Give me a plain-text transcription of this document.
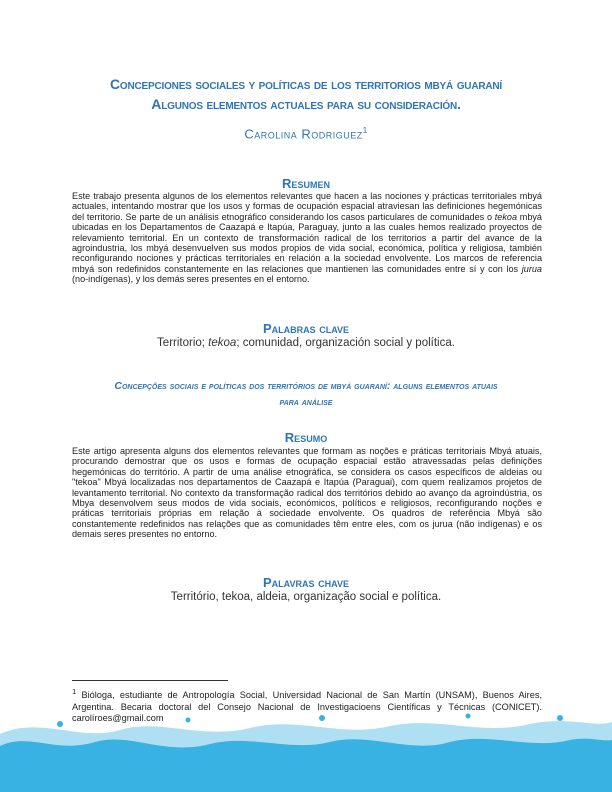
Concepciones sociales y políticas de los territorios mbyá guaraní
Algunos elementos actuales para su consideración.
Carolina Rodriguez$^1$
Resumen
Este trabajo presenta algunos de los elementos relevantes que hacen a las nociones y prácticas territoriales mbyá actuales, intentando mostrar que los usos y formas de ocupación espacial atraviesan las definiciones hegemónicas del territorio. Se parte de un análisis etnográfico considerando los casos particulares de comunidades o tekoa mbyá ubicadas en los Departamentos de Caazapá e Itapúa, Paraguay, junto a las cuales hemos realizado proyectos de relevamiento territorial. En un contexto de transformación radical de los territorios a partir del avance de la agroindustria, los mbyá desenvuelven sus modos propios de vida social, económica, política y religiosa, también reconfigurando nociones y prácticas territoriales en relación a la sociedad envolvente. Los marcos de referencia mbyá son redefinidos constantemente en las relaciones que mantienen las comunidades entre sí y con los jurua (no-indígenas), y los demás seres presentes en el entorno.
Palabras clave
Territorio; tekoa; comunidad, organización social y política.
Concepções sociais e políticas dos territórios de mbyá guaraní: alguns elementos atuais
para análise
Resumo
Este artigo apresenta alguns dos elementos relevantes que formam as noções e práticas territoriais Mbyá atuais, procurando demostrar que os usos e formas de ocupação espacial estão atravessadas pelas definições hegemónicas do território. A partir de uma análise etnográfica, se considera os casos específicos de aldeias ou "tekoa" Mbyá localizadas nos departamentos de Caazapá e Itapúa (Paraguai), com quem realizamos projetos de levantamento territorial. No contexto da transformação radical dos territórios debido ao avanço da agroindústria, os Mbya desenvolvem seus modos de vida sociais, económicos, políticos e religiosos, reconfigurando noções e práticas territoriais próprias em relação à sociedade envolvente. Os quadros de referência Mbyá são constantemente redefinidos nas relações que as comunidades têm entre eles, com os jurua (não indígenas) e os demais seres presentes no entorno.
Palavras chave
Território, tekoa, aldeia, organização social e política.
$^1$ Bióloga, estudiante de Antropología Social, Universidad Nacional de San Martín (UNSAM), Buenos Aires, Argentina. Becaria doctoral del Consejo Nacional de Investigacioens Científicas y Técnicas (CONICET). carolíroes@gmail.com
